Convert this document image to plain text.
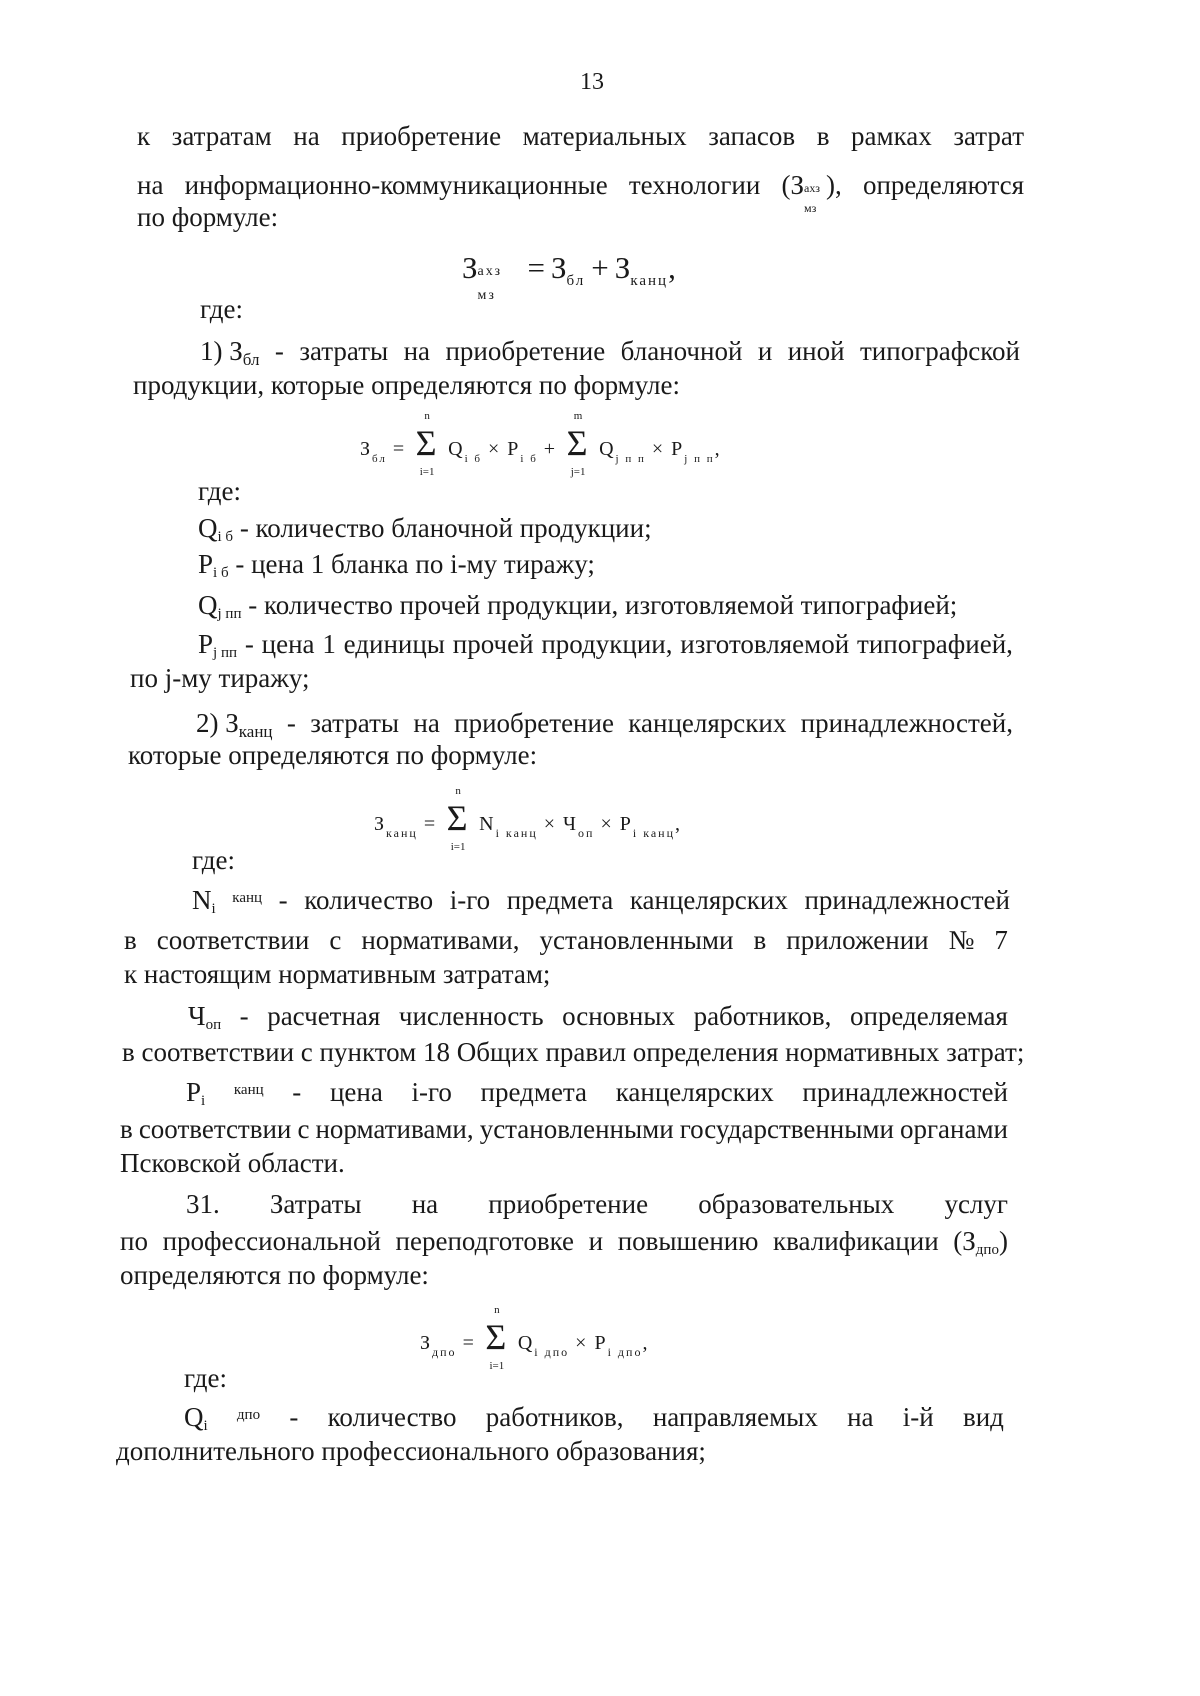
13
к затратам на приобретение материальных запасов в рамках затрат
на информационно-коммуникационные технологии (З ахз
мз
), определяются
по формуле:
З ахз
мз
= $З_{бл} + З_{канц}$,
где:
1) Збл - затраты на приобретение бланочной и иной типографской
продукции, которые определяются по формуле:
$З_{бл}$ =
n
Σ
i=1
$Q_{i б} \times P_{i б}$ +
m
Σ
j=1
$Q_{j п п} \times P_{j п п}$,
где:
Qi б - количество бланочной продукции;
Pi б - цена 1 бланка по i-му тиражу;
Qj пп - количество прочей продукции, изготовляемой типографией;
Pj пп - цена 1 единицы прочей продукции, изготовляемой типографией,
по j-му тиражу;
2) Зканц - затраты на приобретение канцелярских принадлежностей,
которые определяются по формуле:
$З_{канц}$ =
n
Σ
i=1
$N_{i канц} \times Ч_{оп} \times P_{i канц}$,
где:
Ni
канц - количество i-го предмета канцелярских принадлежностей
в соответствии с нормативами, установленными в приложении № 7
к настоящим нормативным затратам;
Чоп - расчетная численность основных работников, определяемая
в соответствии с пунктом 18 Общих правил определения нормативных затрат;
Pi
канц - цена i-го предмета канцелярских принадлежностей
в соответствии с нормативами, установленными государственными органами
Псковской области.
31. Затраты на приобретение образовательных услуг
по профессиональной переподготовке и повышению квалификации (Здпо)
определяются по формуле:
$З_{дпо}$ =
n
Σ
i=1
$Q_{i дпо} \times P_{i дпо}$,
где:
Qi
дпо - количество работников, направляемых на i-й вид
дополнительного профессионального образования;
